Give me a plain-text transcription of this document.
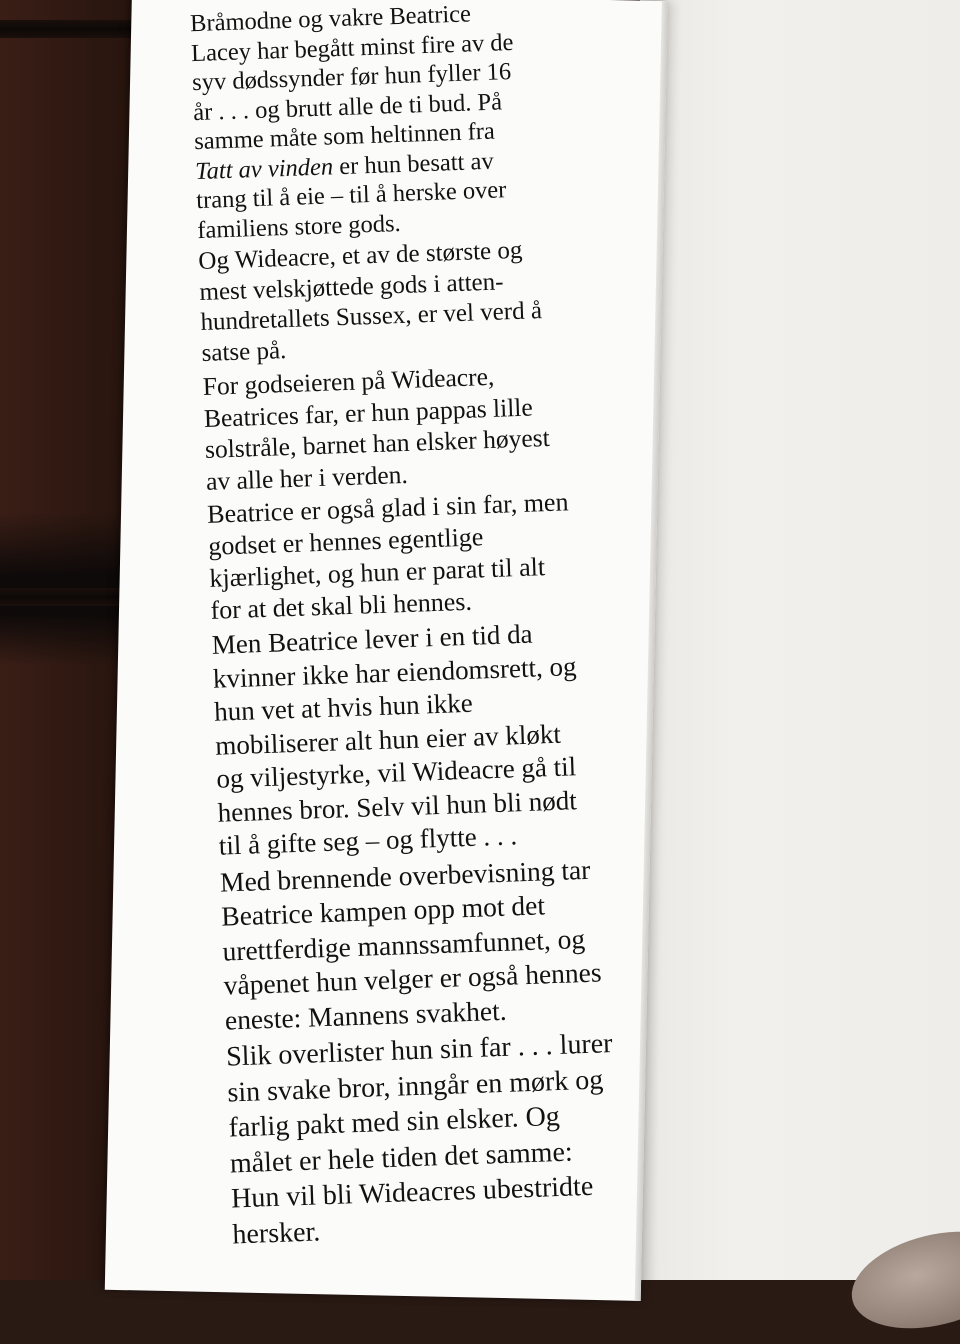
Bråmodne og vakre Beatrice
Lacey har begått minst fire av de
syv dødssynder før hun fyller 16
år . . . og brutt alle de ti bud. På
samme måte som heltinnen fra
Tatt av vinden er hun besatt av
trang til å eie – til å herske over
familiens store gods.

Og Wideacre, et av de største og
mest velskjøttede gods i atten-
hundretallets Sussex, er vel verd å
satse på.

For godseieren på Wideacre,
Beatrices far, er hun pappas lille
solstråle, barnet han elsker høyest
av alle her i verden.

Beatrice er også glad i sin far, men
godset er hennes egentlige
kjærlighet, og hun er parat til alt
for at det skal bli hennes.

Men Beatrice lever i en tid da
kvinner ikke har eiendomsrett, og
hun vet at hvis hun ikke
mobiliserer alt hun eier av kløkt
og viljestyrke, vil Wideacre gå til
hennes bror. Selv vil hun bli nødt
til å gifte seg – og flytte . . .

Med brennende overbevisning tar
Beatrice kampen opp mot det
urettferdige mannssamfunnet, og
våpenet hun velger er også hennes
eneste: Mannens svakhet.

Slik overlister hun sin far . . . lurer
sin svake bror, inngår en mørk og
farlig pakt med sin elsker. Og
målet er hele tiden det samme:
Hun vil bli Wideacres ubestridte
hersker.
